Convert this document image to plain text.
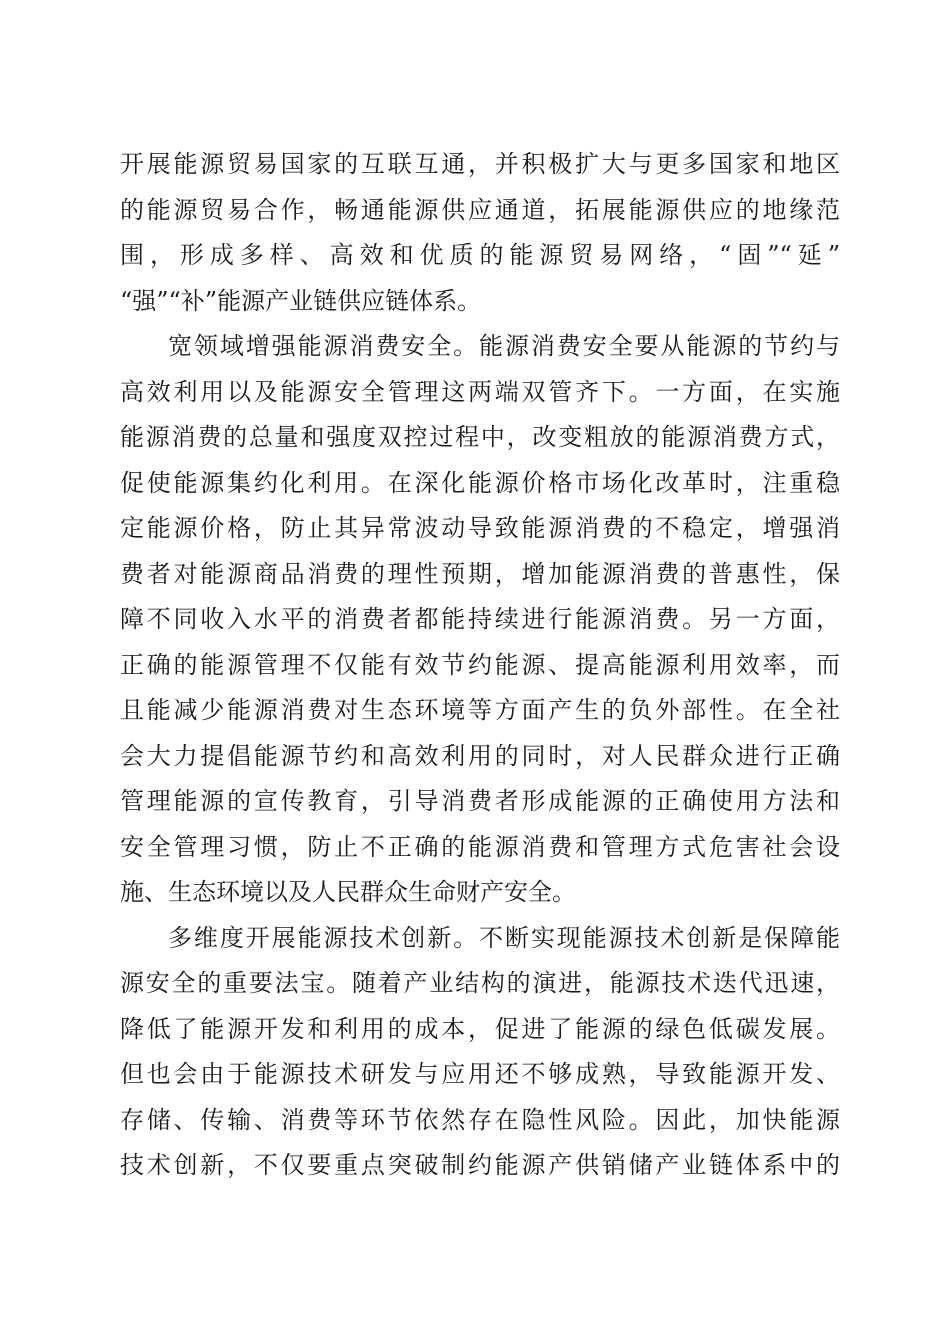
开展能源贸易国家的互联互通，并积极扩大与更多国家和地区
的能源贸易合作，畅通能源供应通道，拓展能源供应的地缘范
围，形成多样、高效和优质的能源贸易网络，“固”“延”
“强”“补”能源产业链供应链体系。
宽领域增强能源消费安全。能源消费安全要从能源的节约与
高效利用以及能源安全管理这两端双管齐下。一方面，在实施
能源消费的总量和强度双控过程中，改变粗放的能源消费方式，
促使能源集约化利用。在深化能源价格市场化改革时，注重稳
定能源价格，防止其异常波动导致能源消费的不稳定，增强消
费者对能源商品消费的理性预期，增加能源消费的普惠性，保
障不同收入水平的消费者都能持续进行能源消费。另一方面，
正确的能源管理不仅能有效节约能源、提高能源利用效率，而
且能减少能源消费对生态环境等方面产生的负外部性。在全社
会大力提倡能源节约和高效利用的同时，对人民群众进行正确
管理能源的宣传教育，引导消费者形成能源的正确使用方法和
安全管理习惯，防止不正确的能源消费和管理方式危害社会设
施、生态环境以及人民群众生命财产安全。
多维度开展能源技术创新。不断实现能源技术创新是保障能
源安全的重要法宝。随着产业结构的演进，能源技术迭代迅速，
降低了能源开发和利用的成本，促进了能源的绿色低碳发展。
但也会由于能源技术研发与应用还不够成熟，导致能源开发、
存储、传输、消费等环节依然存在隐性风险。因此，加快能源
技术创新，不仅要重点突破制约能源产供销储产业链体系中的
